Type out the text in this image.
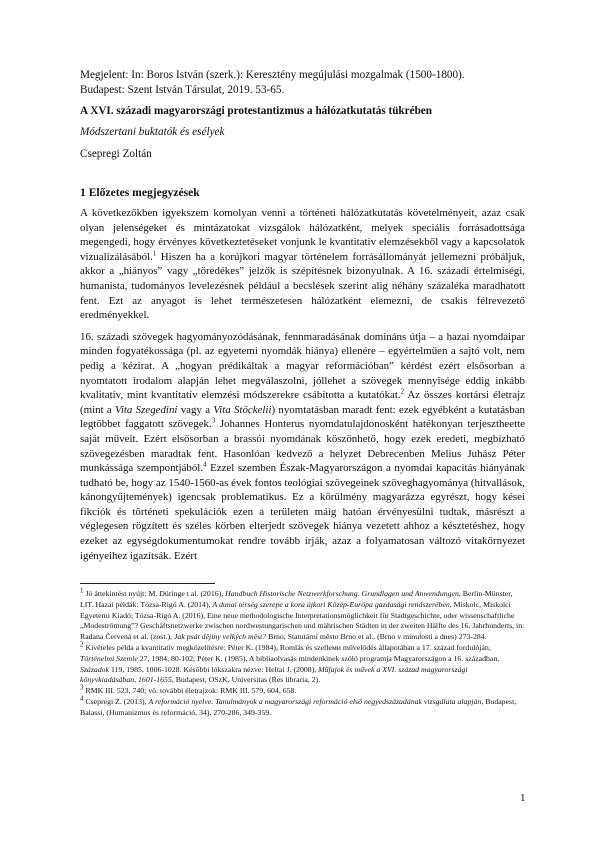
Megjelent: In: Boros István (szerk.): Keresztény megújulási mozgalmak (1500-1800).
Budapest: Szent István Társulat, 2019. 53-65.
A XVI. századi magyarországi protestantizmus a hálózatkutatás tükrében
Módszertani buktatók és esélyek
Csepregi Zoltán
1 Előzetes megjegyzések

A következőkben igyekszem komolyan venni a történeti hálózatkutatás követelményeit, azaz csak olyan jelenségeket és mintázatokat vizsgálok hálózatként, melyek speciális forrásadottsága megengedi, hogy érvényes következtetéseket vonjunk le kvantitatív elemzésekből vagy a kapcsolatok vizualizálásából.$^1$ Hiszen ha a korújkori magyar történelem forrásállományát jellemezni próbáljuk, akkor a „hiányos” vagy „töredékes” jelzők is szépítésnek bizonyulnak. A 16. századi értelmiségi, humanista, tudományos levelezésnek például a becslések szerint alig néhány százaléka maradhatott fent. Ezt az anyagot is lehet természetesen hálózatként elemezni, de csakis félrevezető eredményekkel.

16. századi szövegek hagyományozódásának, fennmaradásának domináns útja – a hazai nyomdaipar minden fogyatékossága (pl. az egyetemi nyomdák hiánya) ellenére – egyértelműen a sajtó volt, nem pedig a kézirat. A „hogyan prédikáltak a magyar reformációban” kérdést ezért elsősorban a nyomtatott irodalom alapján lehet megválaszolni, jóllehet a szövegek mennyisége eddig inkább kvalitatív, mint kvantitatív elemzési módszerekre csábította a kutatókat.$^2$ Az összes kortársi életrajz (mint a Vita Szegedini vagy a Vita Stöckelii) nyomtatásban maradt fent: ezek egyébként a kutatásban legtöbbet faggatott szövegek.$^3$ Johannes Honterus nyomdatulajdonosként hatékonyan terjesztheette saját műveit. Ezért elsősorban a brassói nyomdának köszönhető, hogy ezek eredeti, megbízható szövegezésben maradtak fent. Hasonlóan kedvező a helyzet Debrecenben Melius Juhász Péter munkássága szempontjából.$^4$ Ezzel szemben Észak-Magyarországon a nyomdai kapacitás hiányának tudható be, hogy az 1540-1560-as évek fontos teológiai szövegeinek szöveghagyománya (hitvallások, kánongyűjtemények) igencsak problematikus. Ez a körülmény magyarázza egyrészt, hogy kései fikciók és történeti spekulációk ezen a területen máig hatóan érvényesülni tudtak, másrészt a véglegesen rögzített és széles körben elterjedt szövegek hiánya vezetett ahhoz a késztetéshez, hogy ezeket az egységdokumentumokat rendre tovább írják, azaz a folyamatosan változó vitakörnyezet igényeihez igazítsák. Ezért

1 Jó áttekintést nyújt: M. Düringe t al. (2016), Handbuch Historische Netzwerkforschung. Grundlagen und Anwendungen, Berlin-Münster, LIT. Hazai példák: Tózsa-Rigó A. (2014), A dunai térség szerepe a kora újkori Közép-Európa gazdasági rendszerében, Miskolc, Miskolci Egyetemi Kiadó; Tózsa-Rigó A. (2016), Eine neue methodologische Interpretationsmöglichkeit für Stadtgeschichte, oder wissenschaftliche „Modeströmung”? Geschäftsnetzwerke zwischen nordwestungarischen und mährischen Städten in der zweiten Hälfte des 16. Jahrhunderts, in: Radana Červená et al. (zost.), Jak psát dějiny velkých měst? Brno, Statutární město Brno et al., (Brno v minulosti a dnes) 273-284.

2 Kivételes példa a kvantitatív megközelítésre: Péter K. (1984), Romlás és szelleми művelődés állapotában a 17. század fordulóján, Történelmi Szemle 27, 1984, 80-102; Péter K. (1985), A bibliaolvasás mindenkinek szóló programja Magyarországon a 16. században, Századok 119, 1985, 1006-1028. Későbbi lókszakra nézve: Heltai J. (2008), Műfajok és művek a XVI. század magyarországi könyvkiadásában, 1601-1655, Budapest, OSzK, Universitas (Res libraria, 2).

3 RMK III. 523, 740; vö. további életrajzok: RMK III. 579, 604, 658.

4 Csepregi Z. (2013), A reformáció nyelve. Tanulmányok a magyarországi reformáció első negyedszázadának vizsgálata alapján, Budapest, Balassi, (Humanizmus és reformáció, 34), 270-286, 349-359.

1
